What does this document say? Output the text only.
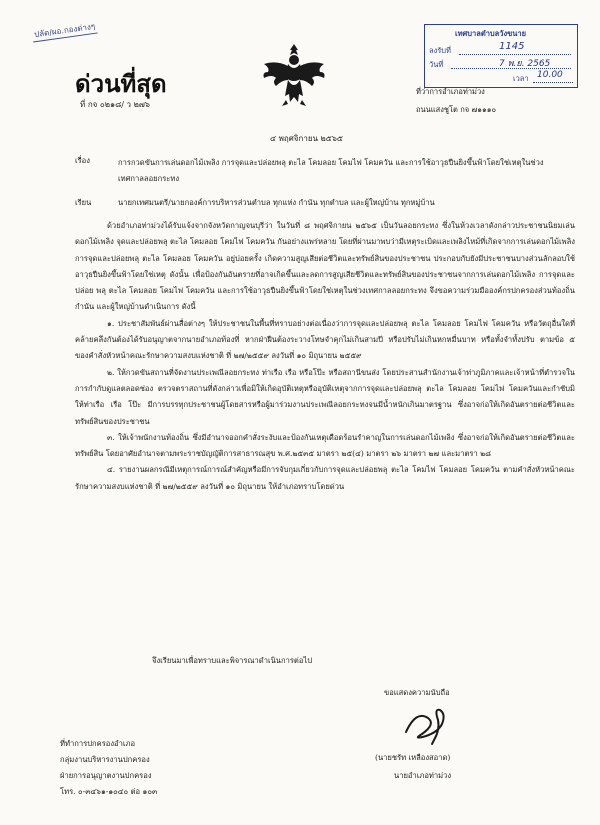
ปลัด/ผอ.กองต่างๆ
ด่วนที่สุด
ที่ กจ ๐๒๑๘/ ว ๒๗๖
เทศบาลตำบลวังขนาย
ลงรับที่	1145
วันที่	7 พ.ย. 2565
เวลา 10.00
ที่ว่าการอำเภอท่าม่วง
ถนนแสงชูโต กจ ๗๑๑๑๐
๔ พฤศจิกายน ๒๕๖๕
เรื่อง	การกวดขันการเล่นดอกไม้เพลิง การจุดและปล่อยพลุ ตะไล โคมลอย โคมไฟ โคมควัน และการใช้อาวุธปืนยิงขึ้นฟ้าโดยใช่เหตุในช่วงเทศกาลลอยกระทง
เรียน	นายกเทศมนตรี/นายกองค์การบริหารส่วนตำบล ทุกแห่ง กำนัน ทุกตำบล และผู้ใหญ่บ้าน ทุกหมู่บ้าน

ด้วยอำเภอท่าม่วงได้รับแจ้งจากจังหวัดกาญจนบุรีว่า ในวันที่ ๘ พฤศจิกายน ๒๕๖๕ เป็นวันลอยกระทง ซึ่งในห้วงเวลาดังกล่าวประชาชนนิยมเล่นดอกไม้เพลิง จุดและปล่อยพลุ ตะไล โคมลอย โคมไฟ โคมควัน กันอย่างแพร่หลาย โดยที่ผ่านมาพบว่ามีเหตุระเบิดและเพลิงไหม้ที่เกิดจากการเล่นดอกไม้เพลิง การจุดและปล่อยพลุ ตะไล โคมลอย โคมควัน อยู่บ่อยครั้ง เกิดความสูญเสียต่อชีวิตและทรัพย์สินของประชาชน ประกอบกับยังมีประชาชนบางส่วนลักลอบใช้อาวุธปืนยิงขึ้นฟ้าโดยใช่เหตุ ดังนั้น เพื่อป้องกันอันตรายที่อาจเกิดขึ้นและลดการสูญเสียชีวิตและทรัพย์สินของประชาชนจากการเล่นดอกไม้เพลิง การจุดและปล่อย พลุ ตะไล โคมลอย โคมไฟ โคมควัน และการใช้อาวุธปืนยิงขึ้นฟ้าโดยใช่เหตุในช่วงเทศกาลลอยกระทง จึงขอความร่วมมือองค์กรปกครองส่วนท้องถิ่น กำนัน และผู้ใหญ่บ้านดำเนินการ ดังนี้

๑. ประชาสัมพันธ์ผ่านสื่อต่างๆ ให้ประชาชนในพื้นที่ทราบอย่างต่อเนื่องว่าการจุดและปล่อยพลุ ตะไล โคมลอย โคมไฟ โคมควัน หรือวัตถุอื่นใดที่คล้ายคลึงกันต้องได้รับอนุญาตจากนายอำเภอท้องที่ หากฝ่าฝืนต้องระวางโทษจำคุกไม่เกินสามปี หรือปรับไม่เกินหกหมื่นบาท หรือทั้งจำทั้งปรับ ตามข้อ ๕ ของคำสั่งหัวหน้าคณะรักษาความสงบแห่งชาติ ที่ ๒๗/๒๕๕๙ ลงวันที่ ๑๐ มิถุนายน ๒๕๕๙

๒. ให้กวดขันสถานที่จัดงานประเพณีลอยกระทง ท่าเรือ เรือ หรือโป๊ะ หรือสถานีขนส่ง โดยประสานสำนักงานเจ้าท่าภูมิภาคและเจ้าหน้าที่ตำรวจในการกำกับดูแลตลอดช่อง ตรวจตราสถานที่ดังกล่าวเพื่อมิให้เกิดอุบัติเหตุหรืออุบัติเหตุจากการจุดและปล่อยพลุ ตะไล โคมลอย โคมไฟ โคมควันและกำชับมิให้ท่าเรือ เรือ โป๊ะ มีการบรรทุกประชาชนผู้โดยสารหรือผู้มาร่วมงานประเพณีลอยกระทงจนมีน้ำหนักเกินมาตรฐาน ซึ่งอาจก่อให้เกิดอันตรายต่อชีวิตและทรัพย์สินของประชาชน

๓. ให้เจ้าพนักงานท้องถิ่น ซึ่งมีอำนาจออกคำสั่งระงับและป้องกันเหตุเดือดร้อนรำคาญในการเล่นดอกไม้เพลิง ซึ่งอาจก่อให้เกิดอันตรายต่อชีวิตและทรัพย์สิน โดยอาศัยอำนาจตามพระราชบัญญัติการสาธารณสุข พ.ศ.๒๕๓๕ มาตรา ๒๕(๔) มาตรา ๒๖ มาตรา ๒๗ และมาตรา ๒๘

๔. รายงานผลกรณีมีเหตุการณ์การณ์สำคัญหรือมีการจับกุมเกี่ยวกับการจุดและปล่อยพลุ ตะไล โคมไฟ โคมลอย โคมควัน ตามคำสั่งหัวหน้าคณะรักษาความสงบแห่งชาติ ที่ ๒๗/๒๕๕๙ ลงวันที่ ๑๐ มิถุนายน ให้อำเภอทราบโดยด่วน

จึงเรียนมาเพื่อทราบและพิจารณาดำเนินการต่อไป
ขอแสดงความนับถือ
(นายชรัท เหลืองสอาด)
นายอำเภอท่าม่วง
ที่ทำการปกครองอำเภอ
กลุ่มงานบริหารงานปกครอง
ฝ่ายการอนุญาตงานปกครอง
โทร. ๐-๓๔๖๑-๑๐๔๐ ต่อ ๑๐๓
